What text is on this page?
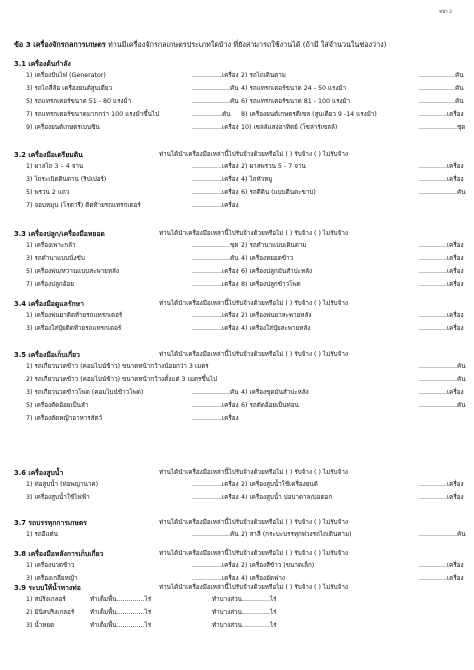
หน้า 2
ข้อ 3 เครื่องจักรกลการเกษตร ท่านมีเครื่องจักรกลเกษตรประเภทใดบ้าง ที่ยังสามารถใช้งานได้ (ถ้ามี ใส่จำนวนในช่องว่าง)
3.1 เครื่องต้นกำลัง
1) เครื่องปั่นไฟ (Generator)	...............เครื่อง 2) รถไถเดินตาม	..................คัน
3) รถไถสี่ล้อ เครื่องยนต์สูบเดียว	...................คัน 4) รถแทรกเตอร์ขนาด 24 - 50 แรงม้า	..................คัน
5) รถแทรกเตอร์ขนาด 51 - 80 แรงม้า	...................คัน 6) รถแทรกเตอร์ขนาด 81 - 100 แรงม้า	..................คัน
7) รถแทรกเตอร์ขนาดมากกว่า 100 แรงม้าขึ้นไป	...............คัน 8) เครื่องยนต์เกษตรดีเซล (สูบเดียว 9 -14 แรงม้า)	..............เครื่อง
9) เครื่องยนต์เกษตรเบนซิน	...............เครื่อง 10) เซลล์แสงอาทิตย์ (โซล่าร์เซลล์)	...................ชุด
3.2 เครื่องมือเตรียมดิน	ท่านได้นำเครื่องมือเหล่านี้ไปรับจ้างด้วยหรือไม่ ( ) รับจ้าง ( ) ไม่รับจ้าง
1) ผาลไถ 3 – 4 จาน	...............เครื่อง 2) ผาลพรวน 5 - 7 จาน	..............เครื่อง
3) ไถระเบิดดินดาน (ริปเปอร์)	...............เครื่อง 4) ไถหัวหมู	..............เครื่อง
5) พรวน 2 แถว	...............เครื่อง 6) รถตีดิน (แบบตีนตะขาบ)	...................คัน
7) จอบหมุน (โรตารี่) ติดท้ายรถแทรกเตอร์	...............เครื่อง
3.3 เครื่องปลูก/เครื่องมือหยอด	ท่านได้นำเครื่องมือเหล่านี้ไปรับจ้างด้วยหรือไม่ ( ) รับจ้าง ( ) ไม่รับจ้าง
1) เครื่องเพาะกล้า	...................ชุด 2) รถดำนาแบบเดินตาม	..............เครื่อง
3) รถดำนาแบบนั่งขับ	...................คัน 4) เครื่องหยอดข้าว	..............เครื่อง
5) เครื่องพ่น/หว่านแบบสะพายหลัง	...............เครื่อง 6) เครื่องปลูกมันสำปะหลัง	..............เครื่อง
7) เครื่องปลูกอ้อย	...............เครื่อง 8) เครื่องปลูกข้าวโพด	..............เครื่อง
3.4 เครื่องมือดูแลรักษา	ท่านได้นำเครื่องมือเหล่านี้ไปรับจ้างด้วยหรือไม่ ( ) รับจ้าง ( ) ไม่รับจ้าง
1) เครื่องพ่นยาติดท้ายรถแทรกเตอร์	...............เครื่อง 2) เครื่องพ่นยาสะพายหลัง	..............เครื่อง
3) เครื่องใส่ปุ๋ยติดท้ายรถแทรกเตอร์	...............เครื่อง 4) เครื่องใส่ปุ๋ยสะพายหลัง	..............เครื่อง
3.5 เครื่องมือเก็บเกี่ยว	ท่านได้นำเครื่องมือเหล่านี้ไปรับจ้างด้วยหรือไม่ ( ) รับจ้าง ( ) ไม่รับจ้าง
1) รถเกี่ยวนวดข้าว (คอมไบน์ข้าว) ขนาดหน้ากว้างน้อยกว่า 3 เมตร	...................คัน
2) รถเกี่ยวนวดข้าว (คอมไบน์ข้าว) ขนาดหน้ากว้างตั้งแต่ 3 เมตรขึ้นไป	...................คัน
3) รถเกี่ยวนวดข้าวโพด (คอมไบน์ข้าวโพด)	...................คัน 4) เครื่องขุดมันสำปะหลัง	..............เครื่อง
5) เครื่องตัดอ้อยเป็นลำ	...............เครื่อง 6) รถตัดอ้อยเป็นท่อน	...................คัน
7) เครื่องตัดหญ้าอาหารสัตว์	...............เครื่อง
3.6 เครื่องสูบน้ำ	ท่านได้นำเครื่องมือเหล่านี้ไปรับจ้างด้วยหรือไม่ ( ) รับจ้าง ( ) ไม่รับจ้าง
1) ท่อสูบน้ำ (ท่อพญานาค)	...............เครื่อง 2) เครื่องสูบน้ำใช้เครื่องยนต์	..............เครื่อง
3) เครื่องสูบน้ำใช้ไฟฟ้า	...............เครื่อง 4) เครื่องสูบน้ำ บ่อบาดาล/บ่อตอก	..............เครื่อง
3.7 รถบรรทุกการเกษตร	ท่านได้นำเครื่องมือเหล่านี้ไปรับจ้างด้วยหรือไม่ ( ) รับจ้าง ( ) ไม่รับจ้าง
1) รถอีแต๋น	...................คัน 2) สาลี่ (กระบะบรรทุกพ่วงรถไถเดินตาม)	...................คัน
3.8 เครื่องมือหลังการเก็บเกี่ยว	ท่านได้นำเครื่องมือเหล่านี้ไปรับจ้างด้วยหรือไม่ ( ) รับจ้าง ( ) ไม่รับจ้าง
1) เครื่องนวดข้าว	...............เครื่อง 2) เครื่องสีข้าว (ขนาดเล็ก)	..............เครื่อง
3) เครื่องเกลี่ยหญ้า	...............เครื่อง 4) เครื่องอัดฟาง	..............เครื่อง
3.9 ระบบให้น้ำทางท่อ	ท่านได้นำเครื่องมือเหล่านี้ไปรับจ้างด้วยหรือไม่ ( ) รับจ้าง ( ) ไม่รับจ้าง
1) สปริงเกลอร์	ทำเต็มพื้น..............ไร่	ทำบางส่วน..............ไร่
2) มินิสปริงเกลอร์	ทำเต็มพื้น..............ไร่	ทำบางส่วน..............ไร่
3) น้ำหยด	ทำเต็มพื้น..............ไร่	ทำบางส่วน..............ไร่
